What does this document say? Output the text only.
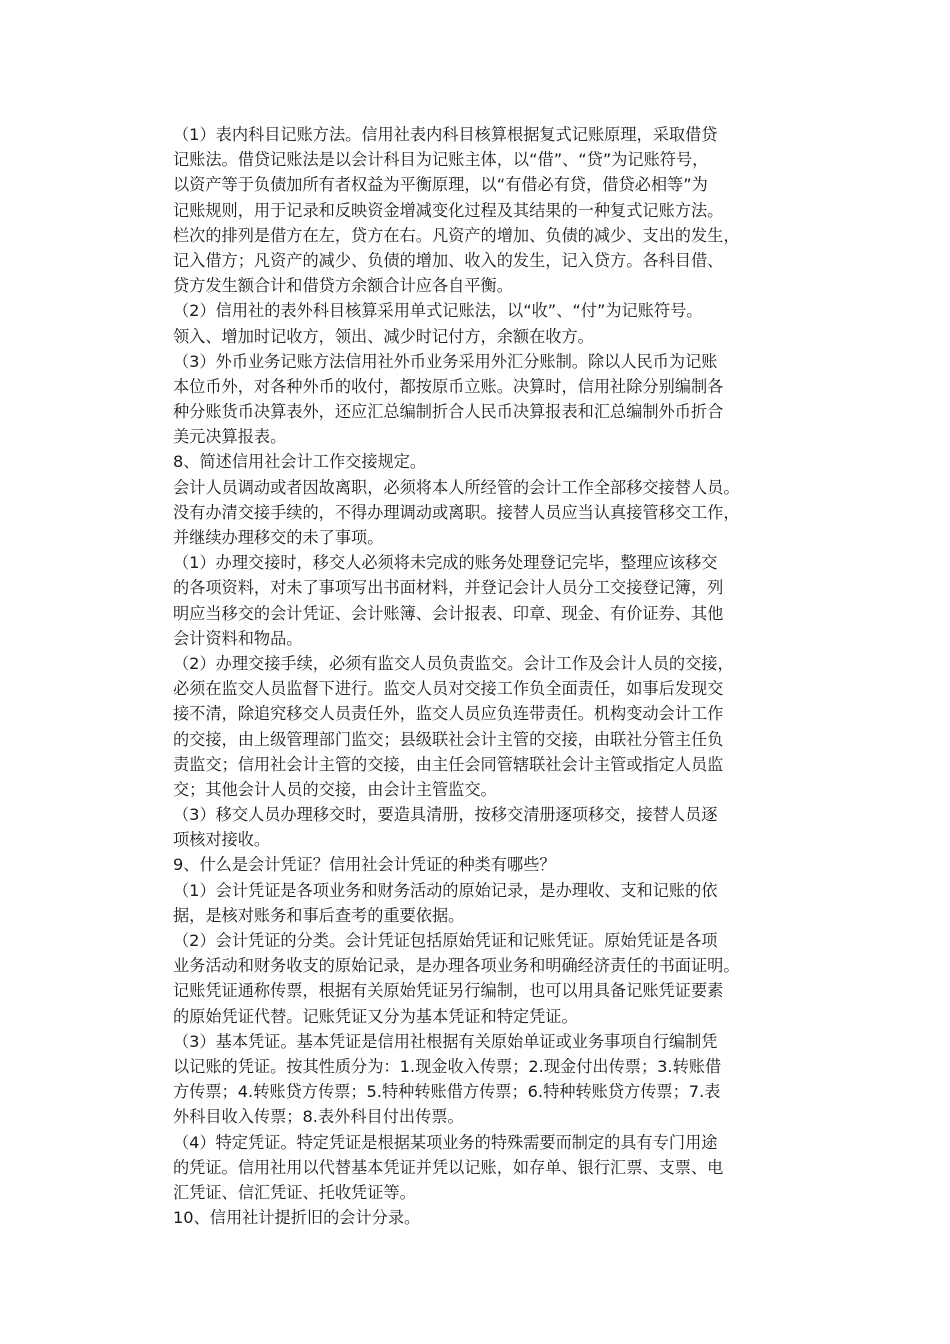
（1）表内科目记账方法。信用社表内科目核算根据复式记账原理，采取借贷
记账法。借贷记账法是以会计科目为记账主体，以“借”、“贷”为记账符号，
以资产等于负债加所有者权益为平衡原理，以“有借必有贷，借贷必相等”为
记账规则，用于记录和反映资金增减变化过程及其结果的一种复式记账方法。
栏次的排列是借方在左，贷方在右。凡资产的增加、负债的减少、支出的发生，
记入借方；凡资产的减少、负债的增加、收入的发生，记入贷方。各科目借、
贷方发生额合计和借贷方余额合计应各自平衡。
（2）信用社的表外科目核算采用单式记账法，以“收”、“付”为记账符号。
领入、增加时记收方，领出、减少时记付方，余额在收方。
（3）外币业务记账方法信用社外币业务采用外汇分账制。除以人民币为记账
本位币外，对各种外币的收付，都按原币立账。决算时，信用社除分别编制各
种分账货币决算表外，还应汇总编制折合人民币决算报表和汇总编制外币折合
美元决算报表。
8、简述信用社会计工作交接规定。
会计人员调动或者因故离职，必须将本人所经管的会计工作全部移交接替人员。
没有办清交接手续的，不得办理调动或离职。接替人员应当认真接管移交工作，
并继续办理移交的未了事项。
（1）办理交接时，移交人必须将未完成的账务处理登记完毕，整理应该移交
的各项资料，对未了事项写出书面材料，并登记会计人员分工交接登记簿，列
明应当移交的会计凭证、会计账簿、会计报表、印章、现金、有价证券、其他
会计资料和物品。
（2）办理交接手续，必须有监交人员负责监交。会计工作及会计人员的交接，
必须在监交人员监督下进行。监交人员对交接工作负全面责任，如事后发现交
接不清，除追究移交人员责任外，监交人员应负连带责任。机构变动会计工作
的交接，由上级管理部门监交；县级联社会计主管的交接，由联社分管主任负
责监交；信用社会计主管的交接，由主任会同管辖联社会计主管或指定人员监
交；其他会计人员的交接，由会计主管监交。
（3）移交人员办理移交时，要造具清册，按移交清册逐项移交，接替人员逐
项核对接收。
9、什么是会计凭证？信用社会计凭证的种类有哪些？
（1）会计凭证是各项业务和财务活动的原始记录，是办理收、支和记账的依
据，是核对账务和事后查考的重要依据。
（2）会计凭证的分类。会计凭证包括原始凭证和记账凭证。原始凭证是各项
业务活动和财务收支的原始记录，是办理各项业务和明确经济责任的书面证明。
记账凭证通称传票，根据有关原始凭证另行编制，也可以用具备记账凭证要素
的原始凭证代替。记账凭证又分为基本凭证和特定凭证。
（3）基本凭证。基本凭证是信用社根据有关原始单证或业务事项自行编制凭
以记账的凭证。按其性质分为：1.现金收入传票；2.现金付出传票；3.转账借
方传票；4.转账贷方传票；5.特种转账借方传票；6.特种转账贷方传票；7.表
外科目收入传票；8.表外科目付出传票。
（4）特定凭证。特定凭证是根据某项业务的特殊需要而制定的具有专门用途
的凭证。信用社用以代替基本凭证并凭以记账，如存单、银行汇票、支票、电
汇凭证、信汇凭证、托收凭证等。
10、信用社计提折旧的会计分录。
